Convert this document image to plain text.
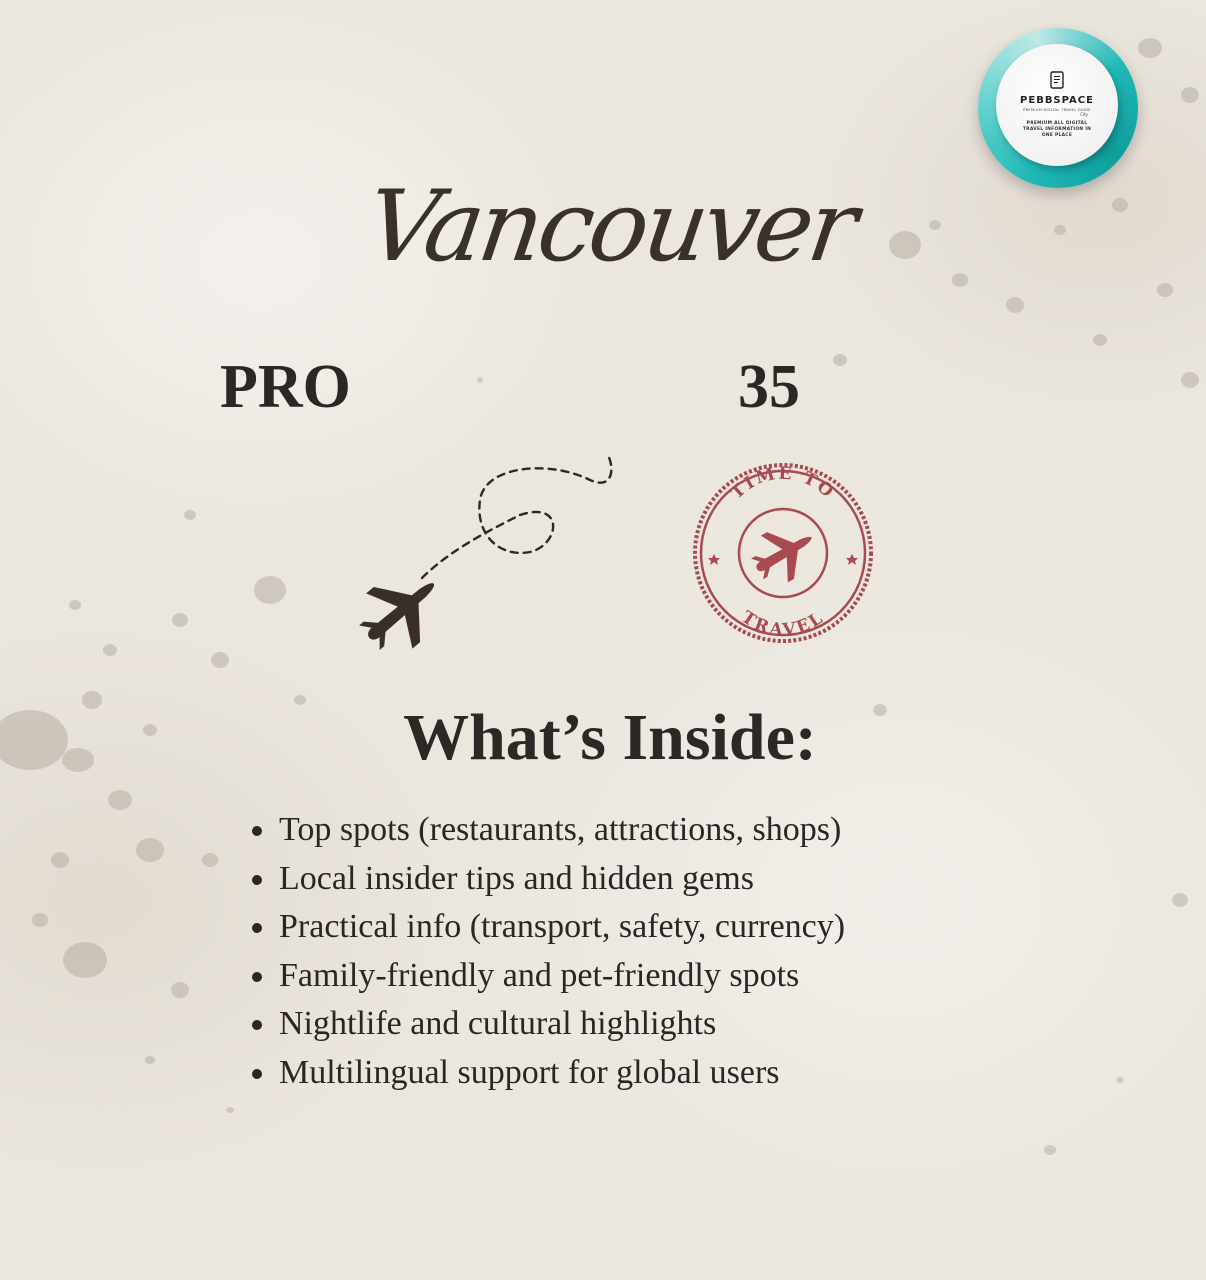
PEBBSPACE
PREMIUM DIGITAL TRAVEL GUIDE
City
PREMIUM ALL DIGITAL TRAVEL INFORMATION IN ONE PLACE
Vancouver
PRO	35
TIME TO
TRAVEL
What’s Inside:
Top spots (restaurants, attractions, shops)
Local insider tips and hidden gems
Practical info (transport, safety, currency)
Family-friendly and pet-friendly spots
Nightlife and cultural highlights
Multilingual support for global users
